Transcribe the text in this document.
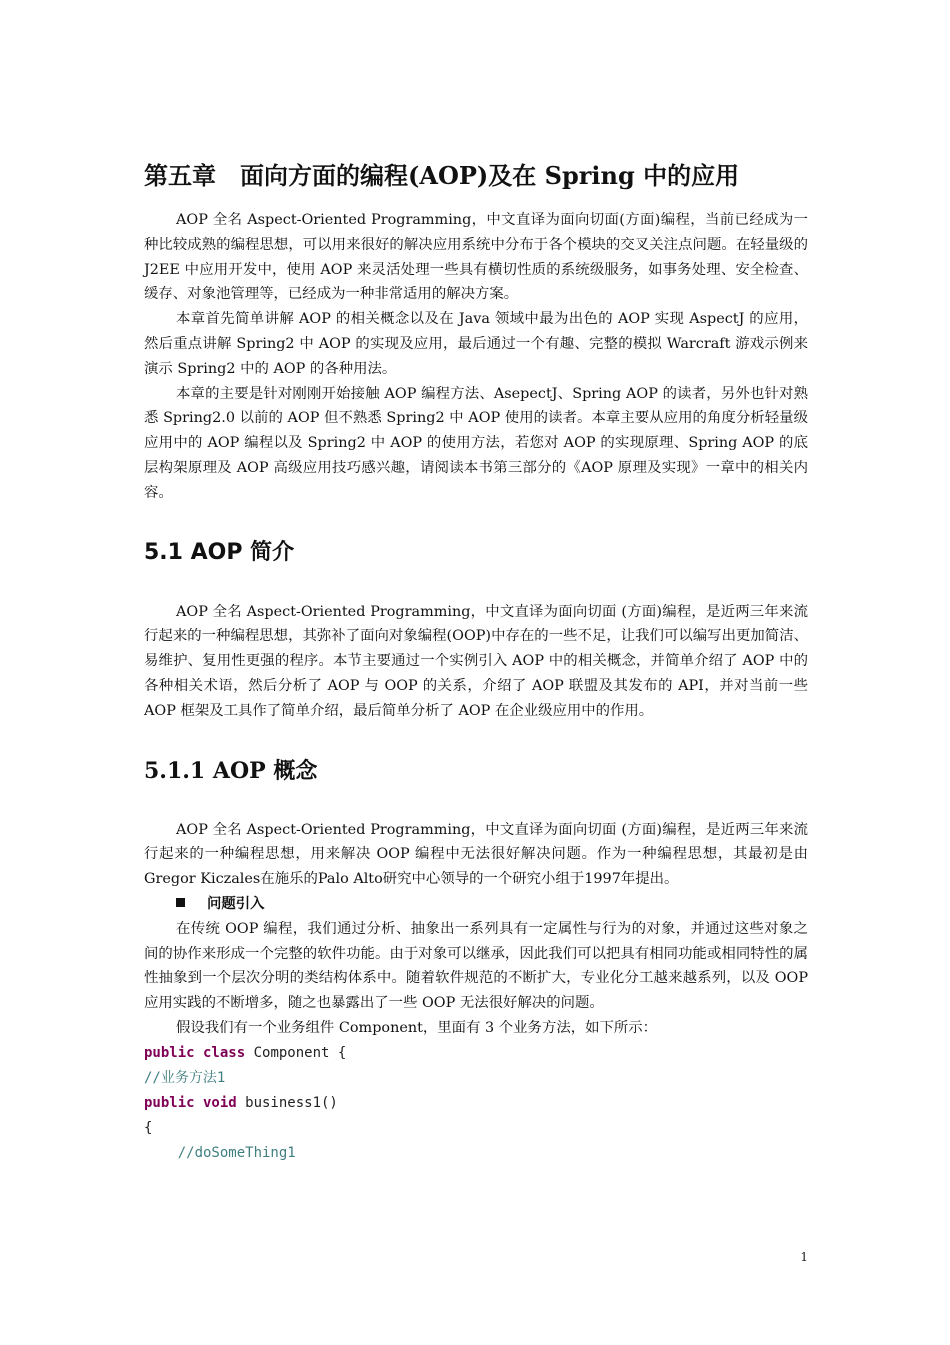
第五章　面向方面的编程(AOP)及在 Spring 中的应用

AOP 全名 Aspect-Oriented Programming，中文直译为面向切面(方面)编程，当前已经成为一种比较成熟的编程思想，可以用来很好的解决应用系统中分布于各个模块的交叉关注点问题。在轻量级的 J2EE 中应用开发中，使用 AOP 来灵活处理一些具有横切性质的系统级服务，如事务处理、安全检查、缓存、对象池管理等，已经成为一种非常适用的解决方案。

本章首先简单讲解 AOP 的相关概念以及在 Java 领域中最为出色的 AOP 实现 AspectJ 的应用，然后重点讲解 Spring2 中 AOP 的实现及应用，最后通过一个有趣、完整的模拟 Warcraft 游戏示例来演示 Spring2 中的 AOP 的各种用法。

本章的主要是针对刚刚开始接触 AOP 编程方法、AsepectJ、Spring AOP 的读者，另外也针对熟悉 Spring2.0 以前的 AOP 但不熟悉 Spring2 中 AOP 使用的读者。本章主要从应用的角度分析轻量级应用中的 AOP 编程以及 Spring2 中 AOP 的使用方法，若您对 AOP 的实现原理、Spring AOP 的底层构架原理及 AOP 高级应用技巧感兴趣，请阅读本书第三部分的《AOP 原理及实现》一章中的相关内容。

5.1 AOP 简介

AOP 全名 Aspect-Oriented Programming，中文直译为面向切面 (方面)编程，是近两三年来流行起来的一种编程思想，其弥补了面向对象编程(OOP)中存在的一些不足，让我们可以编写出更加简洁、易维护、复用性更强的程序。本节主要通过一个实例引入 AOP 中的相关概念，并简单介绍了 AOP 中的各种相关术语，然后分析了 AOP 与 OOP 的关系，介绍了 AOP 联盟及其发布的 API，并对当前一些 AOP 框架及工具作了简单介绍，最后简单分析了 AOP 在企业级应用中的作用。

5.1.1 AOP 概念

AOP 全名 Aspect-Oriented Programming，中文直译为面向切面 (方面)编程，是近两三年来流行起来的一种编程思想，用来解决 OOP 编程中无法很好解决问题。作为一种编程思想，其最初是由Gregor Kiczales在施乐的Palo Alto研究中心领导的一个研究小组于1997年提出。

问题引入

在传统 OOP 编程，我们通过分析、抽象出一系列具有一定属性与行为的对象，并通过这些对象之间的协作来形成一个完整的软件功能。由于对象可以继承，因此我们可以把具有相同功能或相同特性的属性抽象到一个层次分明的类结构体系中。随着软件规范的不断扩大，专业化分工越来越系列，以及 OOP 应用实践的不断增多，随之也暴露出了一些 OOP 无法很好解决的问题。

假设我们有一个业务组件 Component，里面有 3 个业务方法，如下所示：

public class Component {
//业务方法1
public void business1()
{
//doSomeThing1
1
